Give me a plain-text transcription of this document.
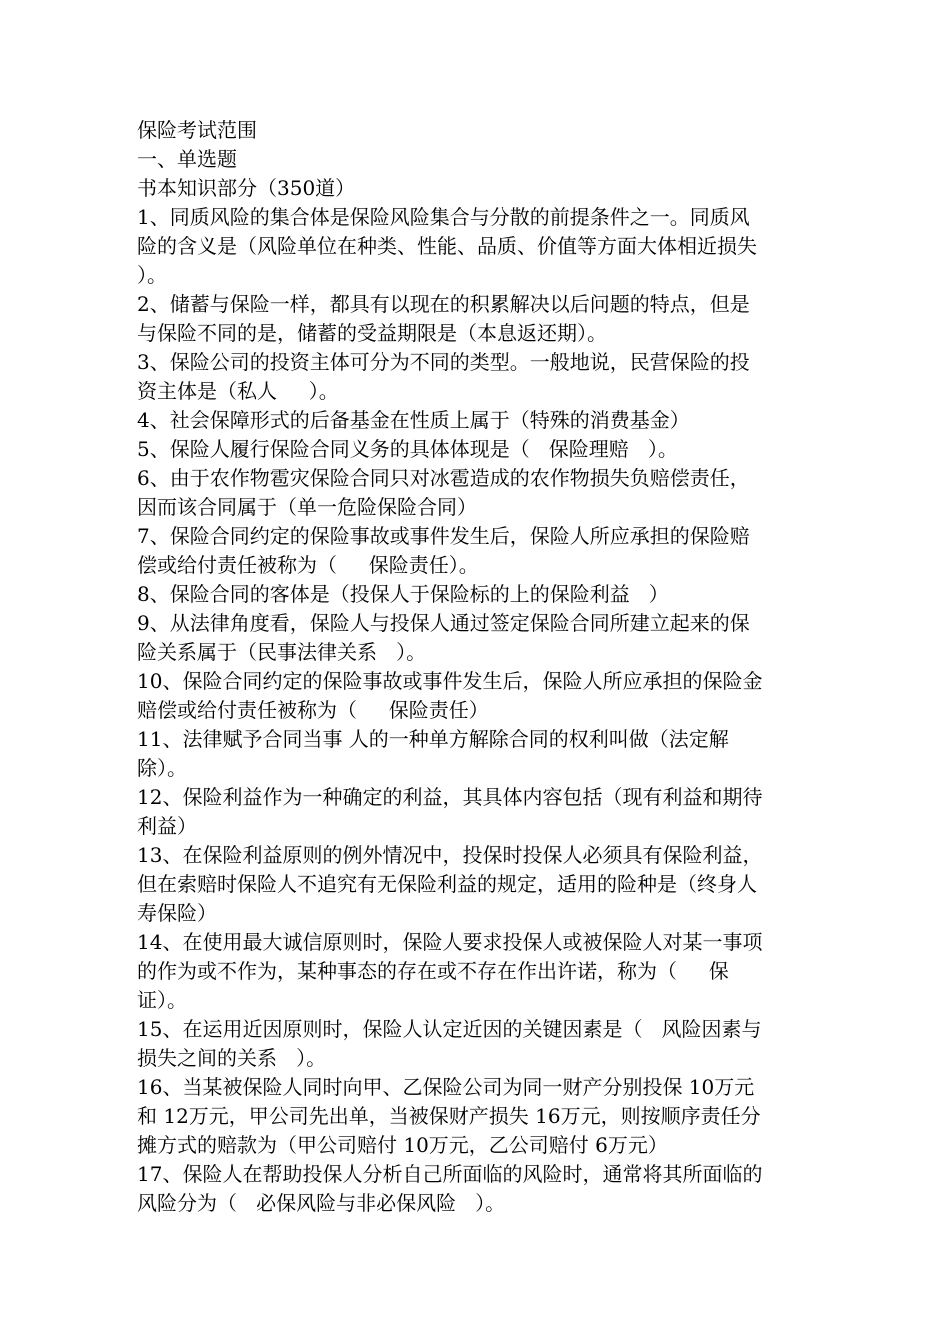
保险考试范围
一、单选题
书本知识部分（350道）
1、同质风险的集合体是保险风险集合与分散的前提条件之一。同质风
险的含义是（风险单位在种类、性能、品质、价值等方面大体相近损失
）。
2、储蓄与保险一样，都具有以现在的积累解决以后问题的特点，但是
与保险不同的是，储蓄的受益期限是（本息返还期）。
3、保险公司的投资主体可分为不同的类型。一般地说，民营保险的投
资主体是（私人     ）。
4、社会保障形式的后备基金在性质上属于（特殊的消费基金）
5、保险人履行保险合同义务的具体体现是（   保险理赔   ）。
6、由于农作物雹灾保险合同只对冰雹造成的农作物损失负赔偿责任，
因而该合同属于（单一危险保险合同）
7、保险合同约定的保险事故或事件发生后，保险人所应承担的保险赔
偿或给付责任被称为（     保险责任）。
8、保险合同的客体是（投保人于保险标的上的保险利益   ）
9、从法律角度看，保险人与投保人通过签定保险合同所建立起来的保
险关系属于（民事法律关系   ）。
10、保险合同约定的保险事故或事件发生后，保险人所应承担的保险金
赔偿或给付责任被称为（     保险责任）
11、法律赋予合同当事 人的一种单方解除合同的权利叫做（法定解
除）。
12、保险利益作为一种确定的利益，其具体内容包括（现有利益和期待
利益）
13、在保险利益原则的例外情况中，投保时投保人必须具有保险利益，
但在索赔时保险人不追究有无保险利益的规定，适用的险种是（终身人
寿保险）
14、在使用最大诚信原则时，保险人要求投保人或被保险人对某一事项
的作为或不作为，某种事态的存在或不存在作出许诺，称为（     保
证）。
15、在运用近因原则时，保险人认定近因的关键因素是（   风险因素与
损失之间的关系   ）。
16、当某被保险人同时向甲、乙保险公司为同一财产分别投保 10万元
和 12万元，甲公司先出单，当被保财产损失 16万元，则按顺序责任分
摊方式的赔款为（甲公司赔付 10万元，乙公司赔付 6万元）
17、保险人在帮助投保人分析自己所面临的风险时，通常将其所面临的
风险分为（   必保风险与非必保风险   ）。
